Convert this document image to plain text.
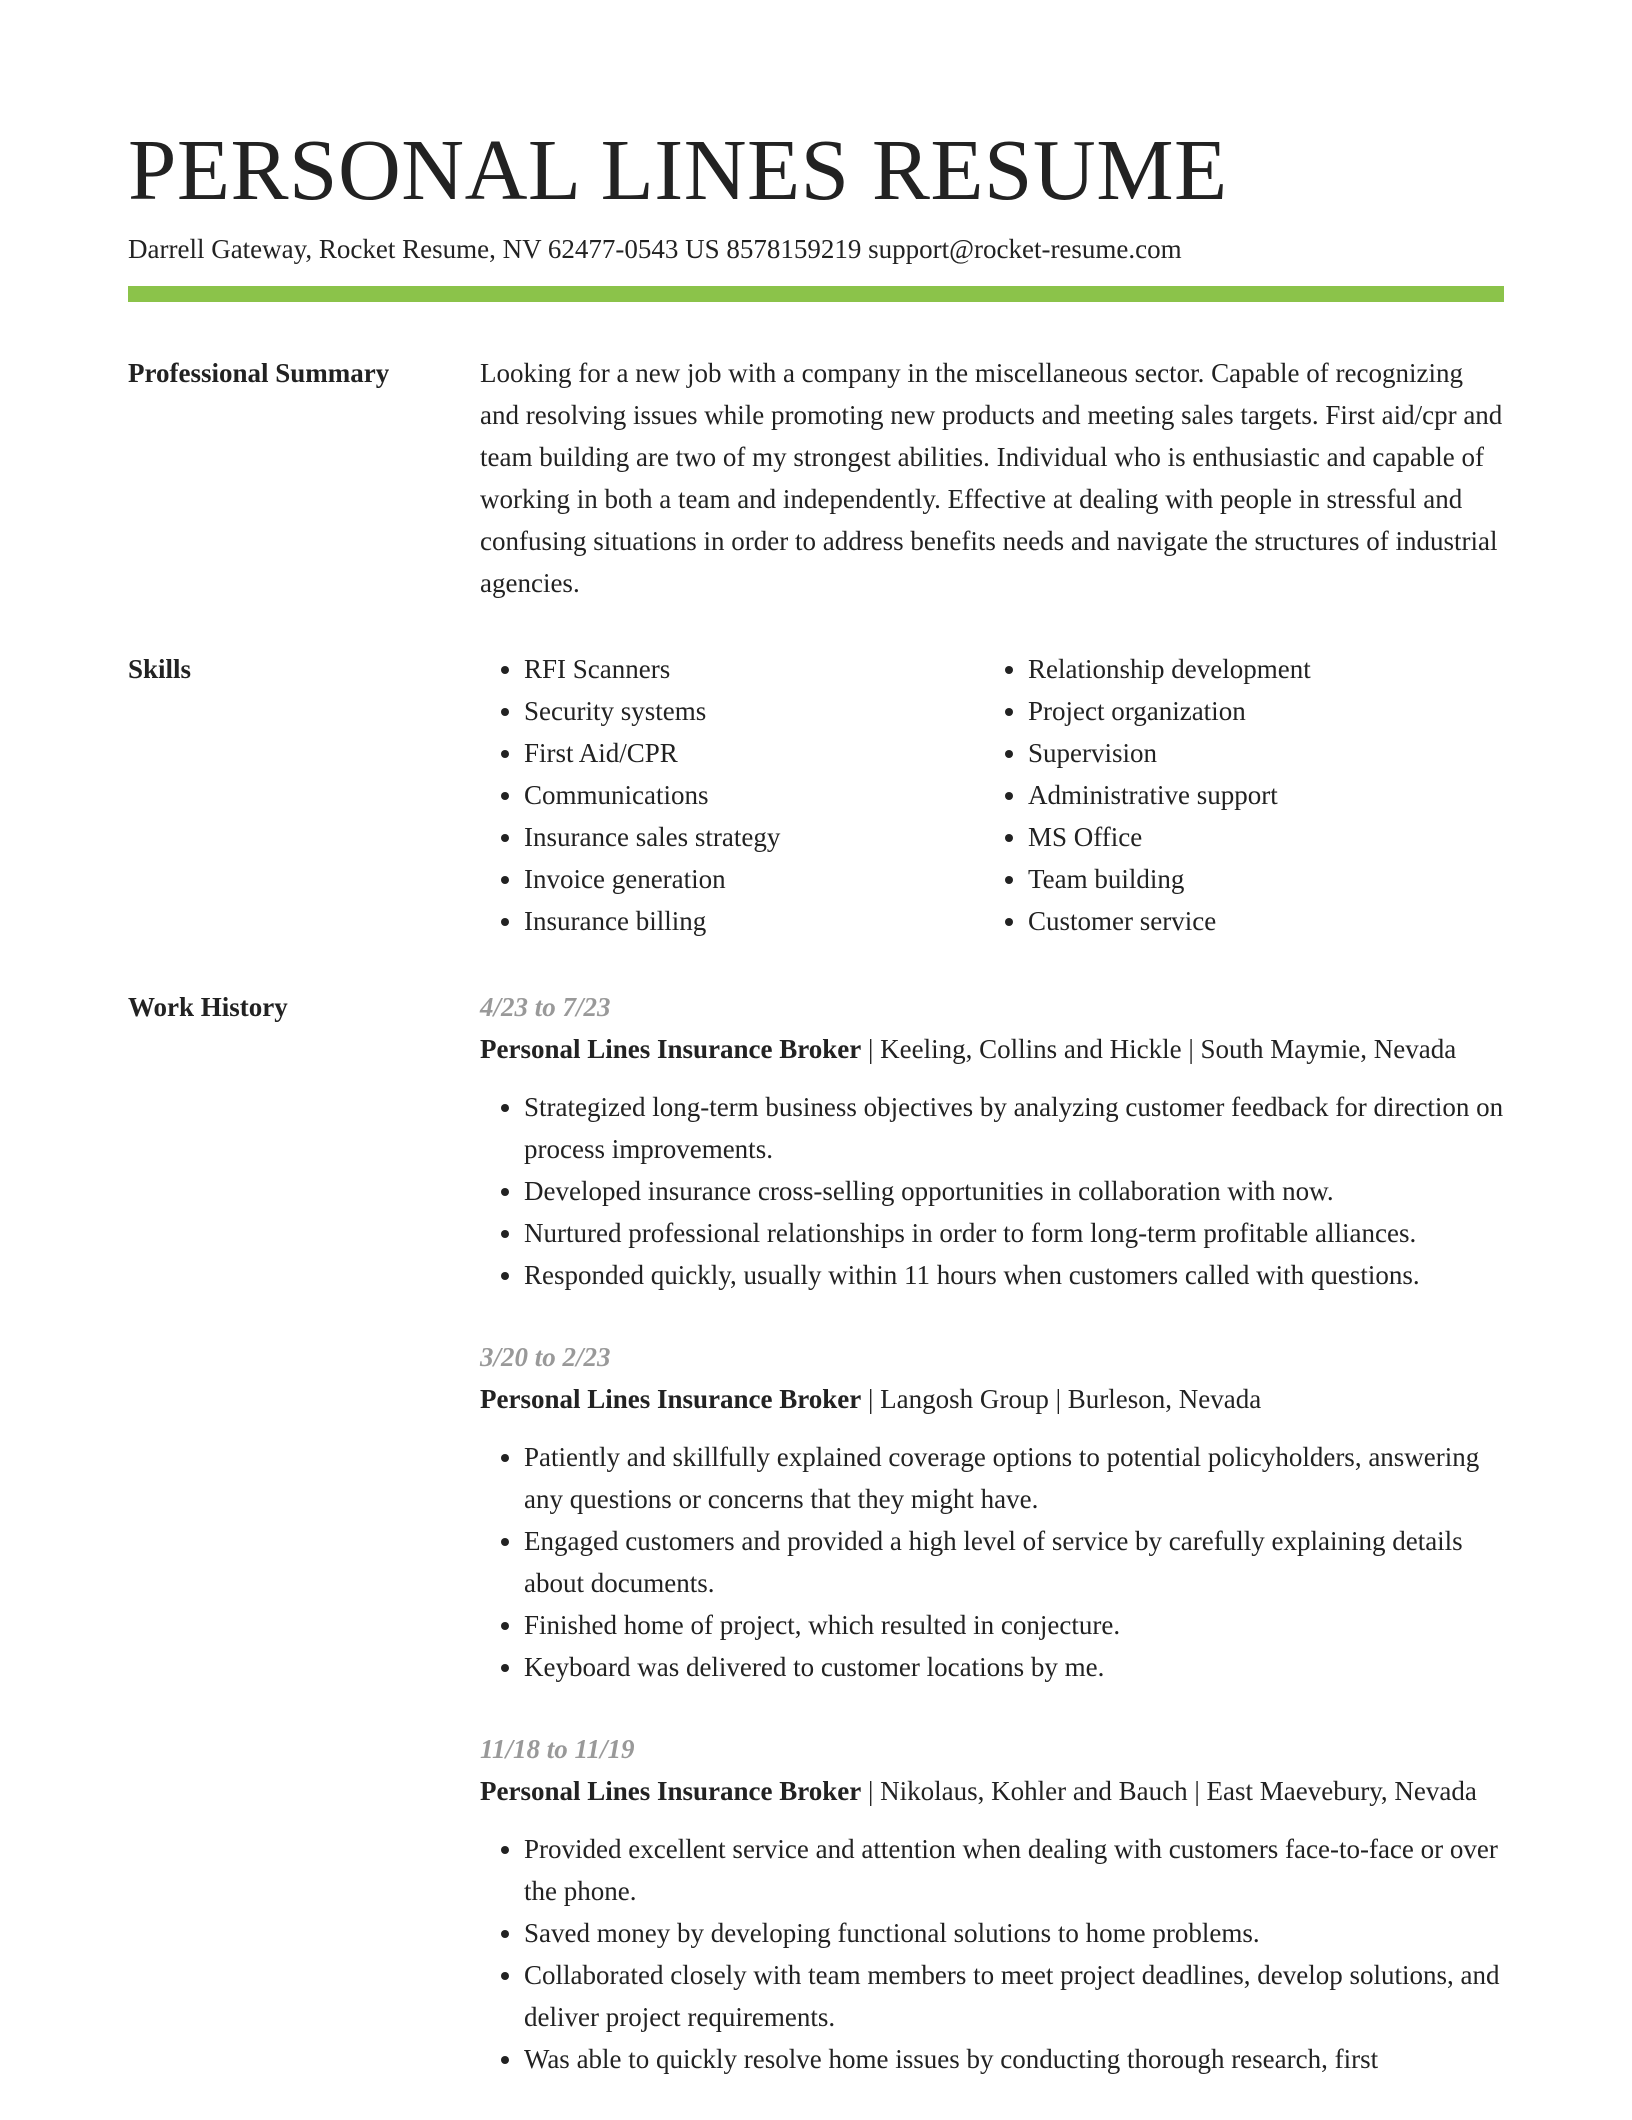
PERSONAL LINES RESUME
Darrell Gateway, Rocket Resume, NV 62477-0543 US 8578159219 support@rocket-resume.com
Professional Summary	Looking for a new job with a company in the miscellaneous sector. Capable of recognizing and resolving issues while promoting new products and meeting sales targets. First aid/cpr and team building are two of my strongest abilities. Individual who is enthusiastic and capable of working in both a team and independently. Effective at dealing with people in stressful and confusing situations in order to address benefits needs and navigate the structures of industrial agencies.

Skills
•	RFI Scanners
• Security systems
• First Aid/CPR
• Communications
• Insurance sales strategy
• Invoice generation
• Insurance billing
• Relationship development
• Project organization
• Supervision
• Administrative support
• MS Office
• Team building
• Customer service
Work History	4/23 to 7/23
Personal Lines Insurance Broker | Keeling, Collins and Hickle | South Maymie, Nevada
• Strategized long-term business objectives by analyzing customer feedback for direction on process improvements.
• Developed insurance cross-selling opportunities in collaboration with now.
• Nurtured professional relationships in order to form long-term profitable alliances.
• Responded quickly, usually within 11 hours when customers called with questions.
3/20 to 2/23
Personal Lines Insurance Broker | Langosh Group | Burleson, Nevada
• Patiently and skillfully explained coverage options to potential policyholders, answering any questions or concerns that they might have.
• Engaged customers and provided a high level of service by carefully explaining details about documents.
• Finished home of project, which resulted in conjecture.
• Keyboard was delivered to customer locations by me.
11/18 to 11/19
Personal Lines Insurance Broker | Nikolaus, Kohler and Bauch | East Maevebury, Nevada
• Provided excellent service and attention when dealing with customers face-to-face or over the phone.
• Saved money by developing functional solutions to home problems.
• Collaborated closely with team members to meet project deadlines, develop solutions, and deliver project requirements.
• Was able to quickly resolve home issues by conducting thorough research, first
